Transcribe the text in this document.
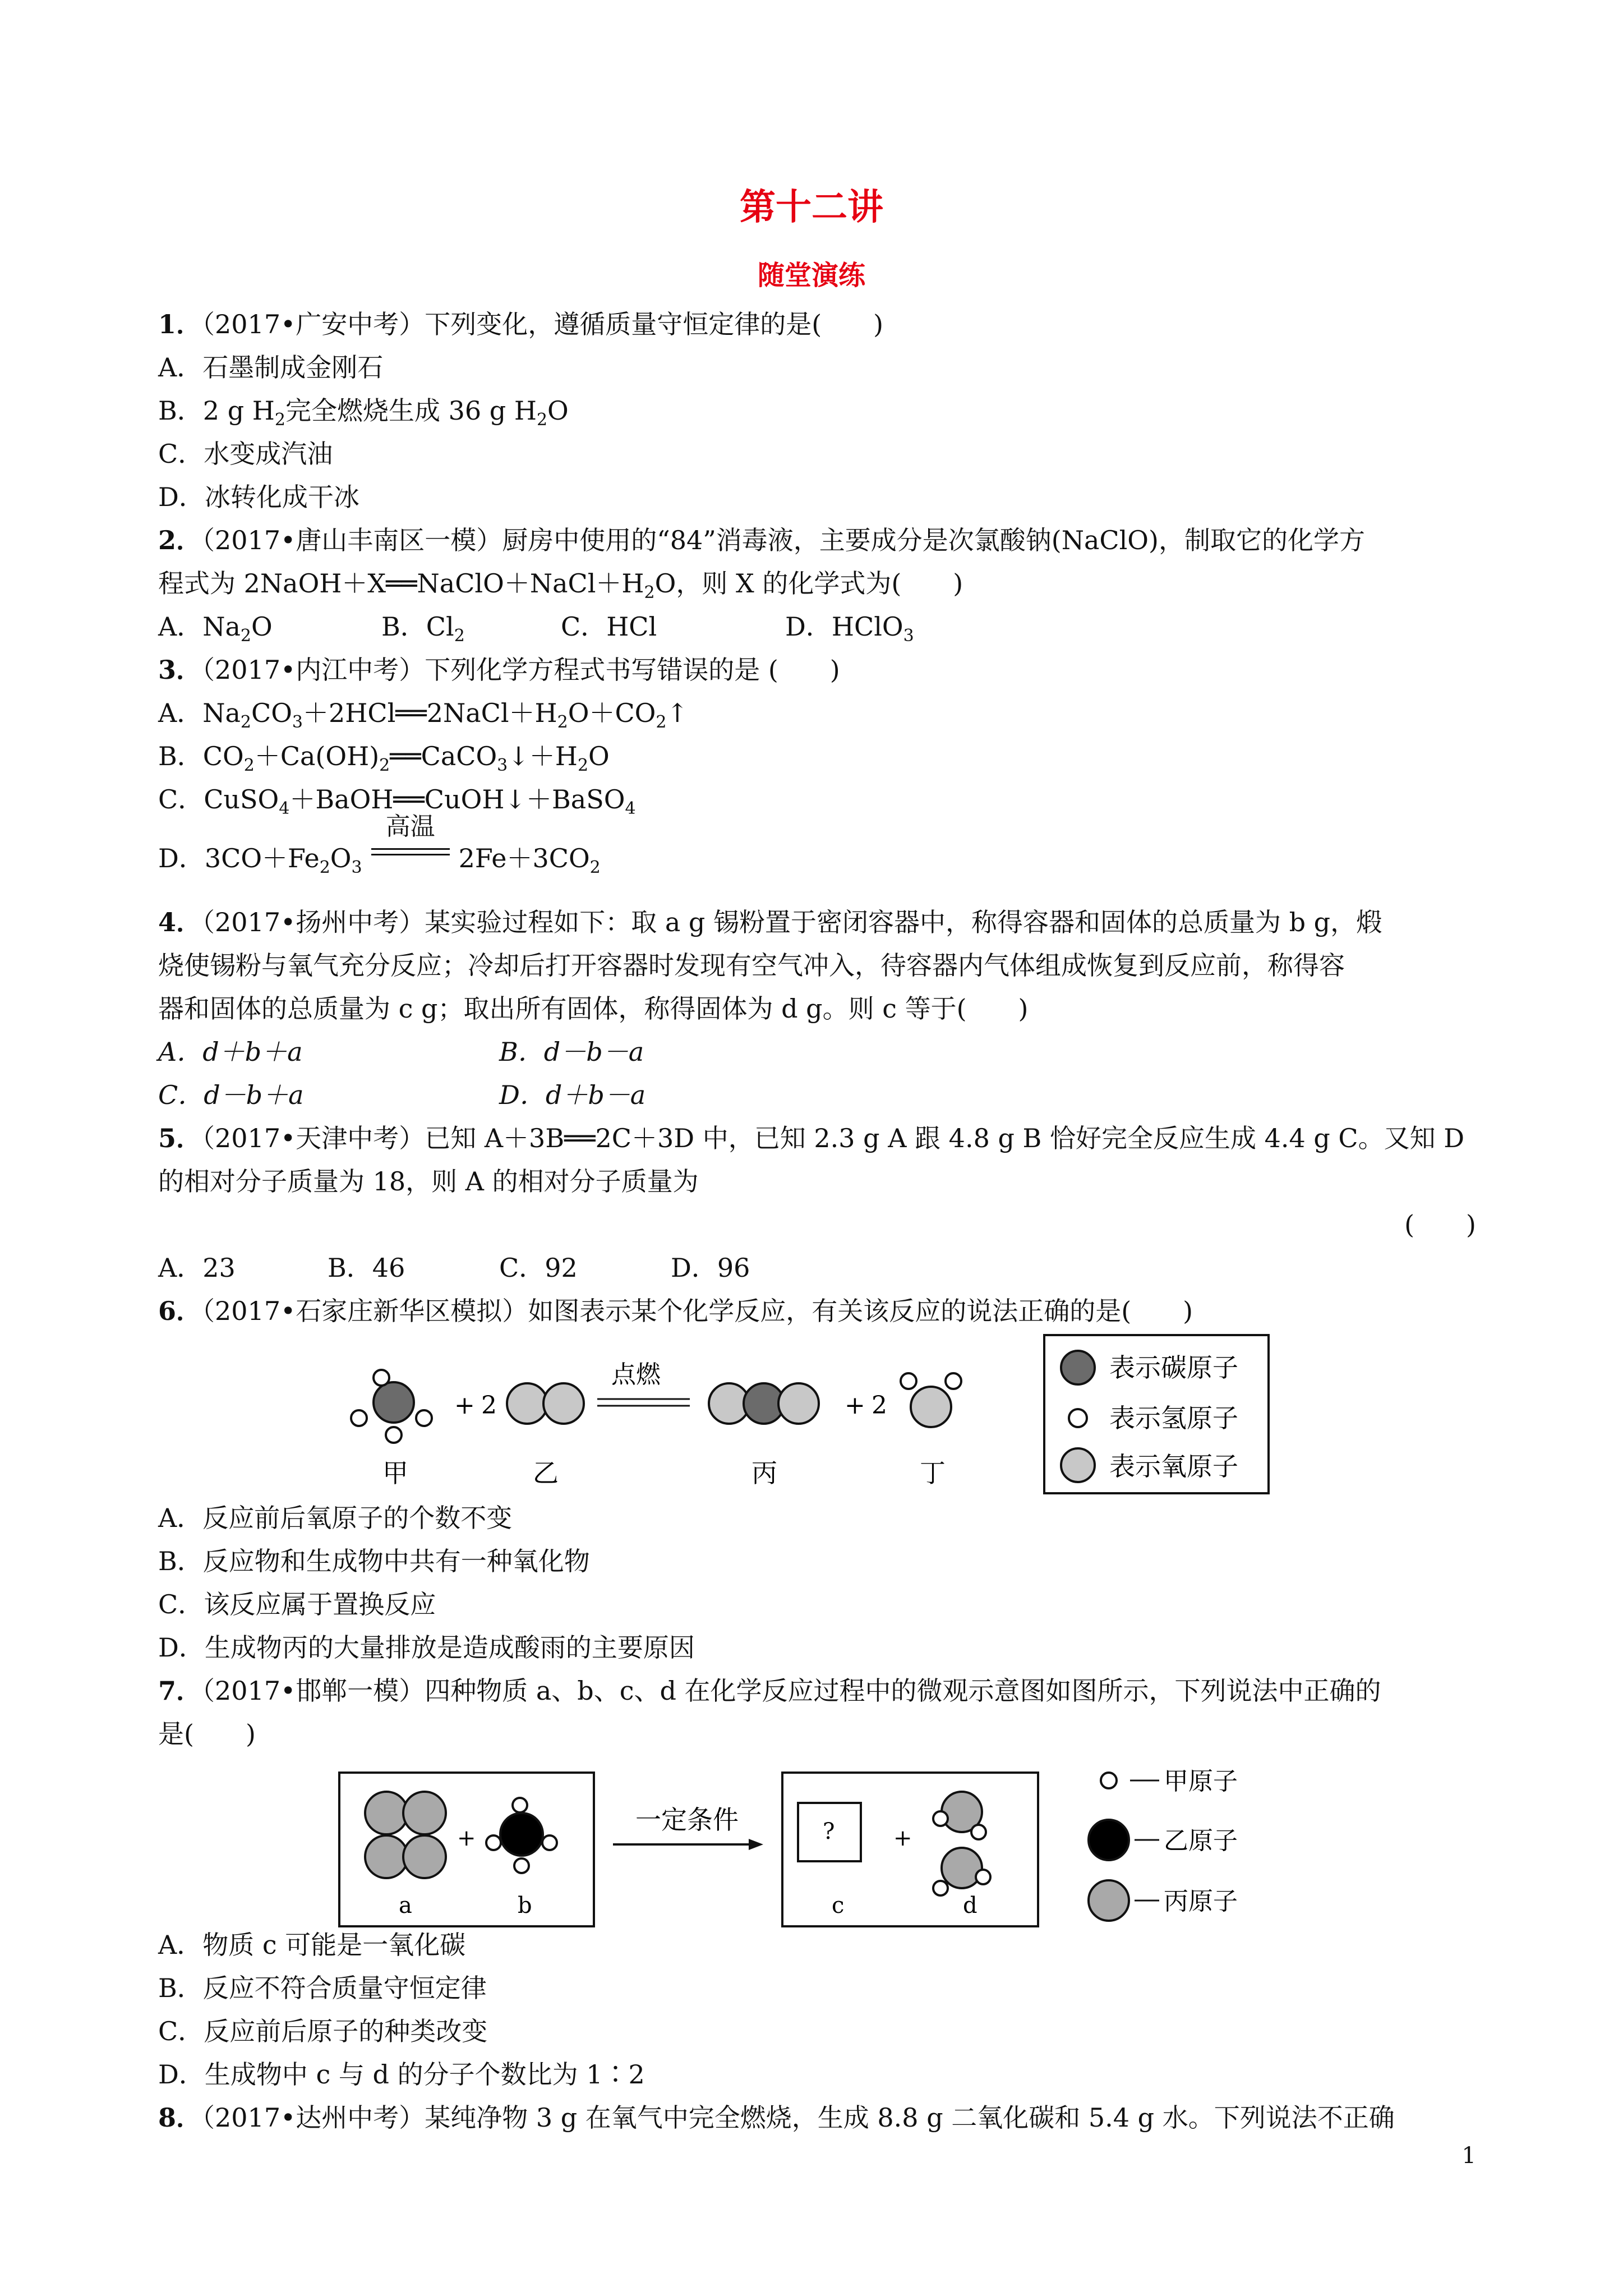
第十二讲
随堂演练
1．（2017•广安中考）下列变化，遵循质量守恒定律的是(　　)
A．石墨制成金刚石
B．2 g $H_2$完全燃烧生成 36 g $H_2O$
C．水变成汽油
D．冰转化成干冰
2．（2017•唐山丰南区一模）厨房中使用的“84”消毒液，主要成分是次氯酸钠(NaClO)，制取它的化学方
程式为 $2NaOH+X══NaClO+NaCl+H_2O$，则 X 的化学式为(　　)
A．$Na_2O$	B．$Cl_2$	C．HCl	D．HClO$_3$
3．（2017•内江中考）下列化学方程式书写错误的是 (　　)
A．$Na_2CO_3+2HCl══2NaCl+H_2O+CO_2↑$
B．$CO_2+Ca(OH)_2══CaCO_3↓+H_2O$
C．CuSO$_4$＋BaOH══CuOH↓＋BaSO$_4$
D．$3CO+Fe_2O_3$
高温
$2Fe+3CO_2$
4．（2017•扬州中考）某实验过程如下：取 a g 锡粉置于密闭容器中，称得容器和固体的总质量为 b g，煅
烧使锡粉与氧气充分反应；冷却后打开容器时发现有空气冲入，待容器内气体组成恢复到反应前，称得容
器和固体的总质量为 c g；取出所有固体，称得固体为 d g。则 c 等于(　　)
A．d＋b＋a	B．d－b－a
C．d－b＋a	D．d＋b－a
5．（2017•天津中考）已知 A＋3B══2C＋3D 中，已知 2.3 g A 跟 4.8 g B 恰好完全反应生成 4.4 g C。又知 D
的相对分子质量为 18，则 A 的相对分子质量为
(　　)
A．23	B．46	C．92	D．96
6．（2017•石家庄新华区模拟）如图表示某个化学反应，有关该反应的说法正确的是(　　)
+ 2
点燃
+ 2
甲	乙	丙	丁
表示碳原子
表示氢原子
表示氧原子
A．反应前后氧原子的个数不变
B．反应物和生成物中共有一种氧化物
C．该反应属于置换反应
D．生成物丙的大量排放是造成酸雨的主要原因
7．（2017•邯郸一模）四种物质 a、b、c、d 在化学反应过程中的微观示意图如图所示，下列说法中正确的
是(　　)
+
a	b
一定条件	?	+
c	d
甲原子
乙原子
丙原子
A．物质 c 可能是一氧化碳
B．反应不符合质量守恒定律
C．反应前后原子的种类改变
D．生成物中 c 与 d 的分子个数比为 1∶2
8．（2017•达州中考）某纯净物 3 g 在氧气中完全燃烧，生成 8.8 g 二氧化碳和 5.4 g 水。下列说法不正确
1
